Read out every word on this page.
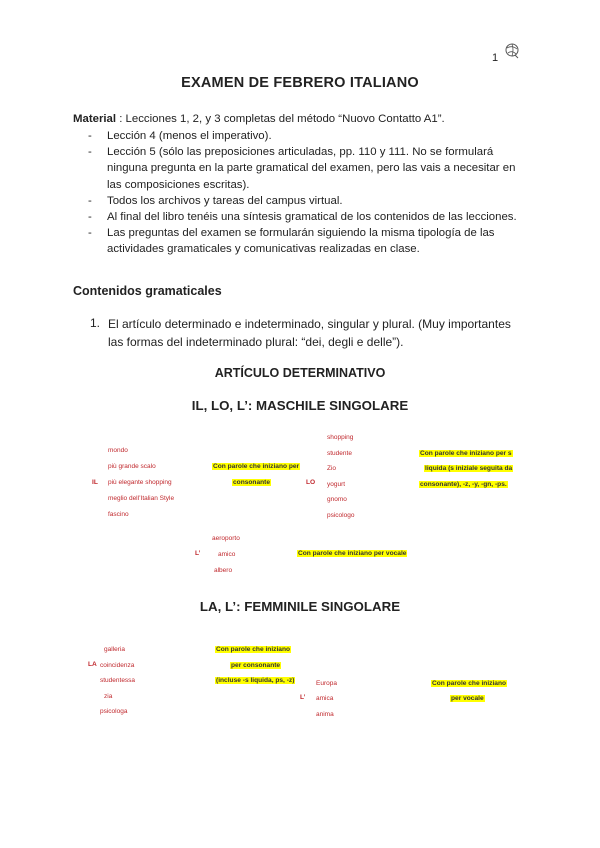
1
EXAMEN DE FEBRERO ITALIANO
Material : Lecciones 1, 2, y 3 completas del método “Nuovo Contatto A1”.
- Lección 4 (menos el imperativo).
- Lección 5 (sólo las preposiciones articuladas, pp. 110 y 111. No se formulará ninguna pregunta en la parte gramatical del examen, pero las vais a necesitar en las composiciones escritas).
- Todos los archivos y tareas del campus virtual.
- Al final del libro tenéis una síntesis gramatical de los contenidos de las lecciones.
- Las preguntas del examen se formularán siguiendo la misma tipología de las actividades gramaticales y comunicativas realizadas en clase.
Contenidos gramaticales
1. El artículo determinado e indeterminado, singular y plural. (Muy importantes las formas del indeterminado plural: “dei, degli e delle”).
ARTÍCULO DETERMINATIVO
IL, LO, L’: MASCHILE SINGOLARE
IL
mondo
più grande scalo
più elegante shopping
meglio dell’Italian Style
fascino
Con parole che iniziano per
consonante	LO
shopping
studente
Zio
yogurt
gnomo
psicologo
Con parole che iniziano per s
liquida (s iniziale seguita da
consonante), -z, -y, -gn, -ps.
L’
aeroporto
amico
albero
Con parole che iniziano per vocale
LA, L’: FEMMINILE SINGOLARE
LA
galleria
coincidenza
studentessa
zia
psicologa
Con parole che iniziano
per consonante
(incluse -s liquida, ps, -z)
L’
Europa
amica
anima
Con parole che iniziano
per vocale
